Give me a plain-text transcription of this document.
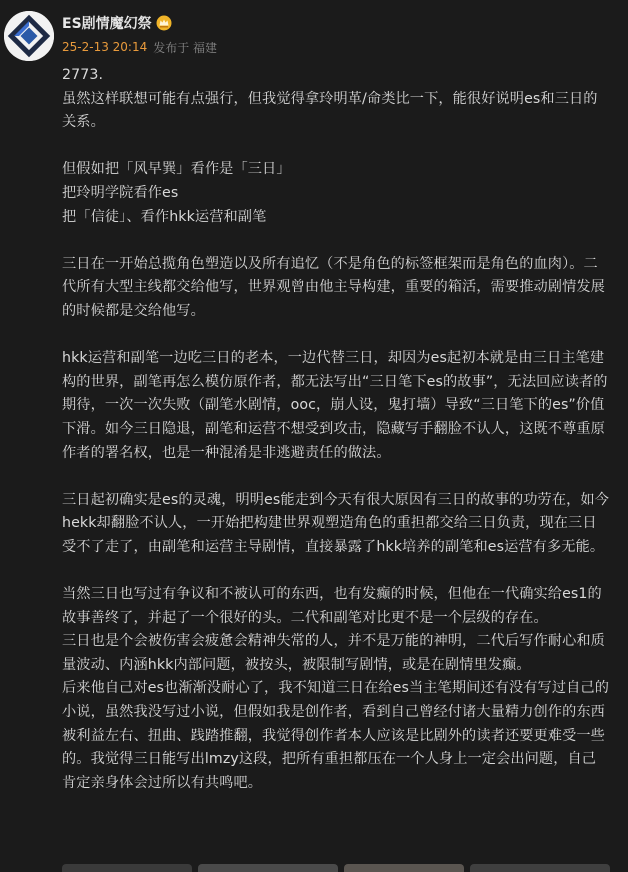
ES剧情魔幻祭
25-2-13 20:14 发布于 福建

2773.

虽然这样联想可能有点强行，但我觉得拿玲明革/命类比一下，能很好说明es和三日的关系。

但假如把「风早巽」看作是「三日」

把玲明学院看作es

把「信徒」、看作hkk运营和副笔

三日在一开始总揽角色塑造以及所有追忆（不是角色的标签框架而是角色的血肉）。二代所有大型主线都交给他写，世界观曾由他主导构建，重要的箱活，需要推动剧情发展的时候都是交给他写。

hkk运营和副笔一边吃三日的老本，一边代替三日，却因为es起初本就是由三日主笔建构的世界，副笔再怎么模仿原作者，都无法写出“三日笔下es的故事”，无法回应读者的期待，一次一次失败（副笔水剧情，ooc，崩人设，鬼打墙）导致“三日笔下的es”价值下滑。如今三日隐退，副笔和运营不想受到攻击，隐藏写手翻脸不认人，这既不尊重原作者的署名权，也是一种混淆是非逃避责任的做法。

三日起初确实是es的灵魂，明明es能走到今天有很大原因有三日的故事的功劳在，如今hekk却翻脸不认人，一开始把构建世界观塑造角色的重担都交给三日负责，现在三日受不了走了，由副笔和运营主导剧情，直接暴露了hkk培养的副笔和es运营有多无能。

当然三日也写过有争议和不被认可的东西，也有发癫的时候，但他在一代确实给es1的故事善终了，并起了一个很好的头。二代和副笔对比更不是一个层级的存在。

三日也是个会被伤害会疲惫会精神失常的人，并不是万能的神明，二代后写作耐心和质量波动、内涵hkk内部问题，被按头，被限制写剧情，或是在剧情里发癫。

后来他自己对es也渐渐没耐心了，我不知道三日在给es当主笔期间还有没有写过自己的小说，虽然我没写过小说，但假如我是创作者，看到自己曾经付诸大量精力创作的东西被利益左右、扭曲、践踏推翻，我觉得创作者本人应该是比剧外的读者还要更难受一些的。我觉得三日能写出lmzy这段，把所有重担都压在一个人身上一定会出问题，自己肯定亲身体会过所以有共鸣吧。
